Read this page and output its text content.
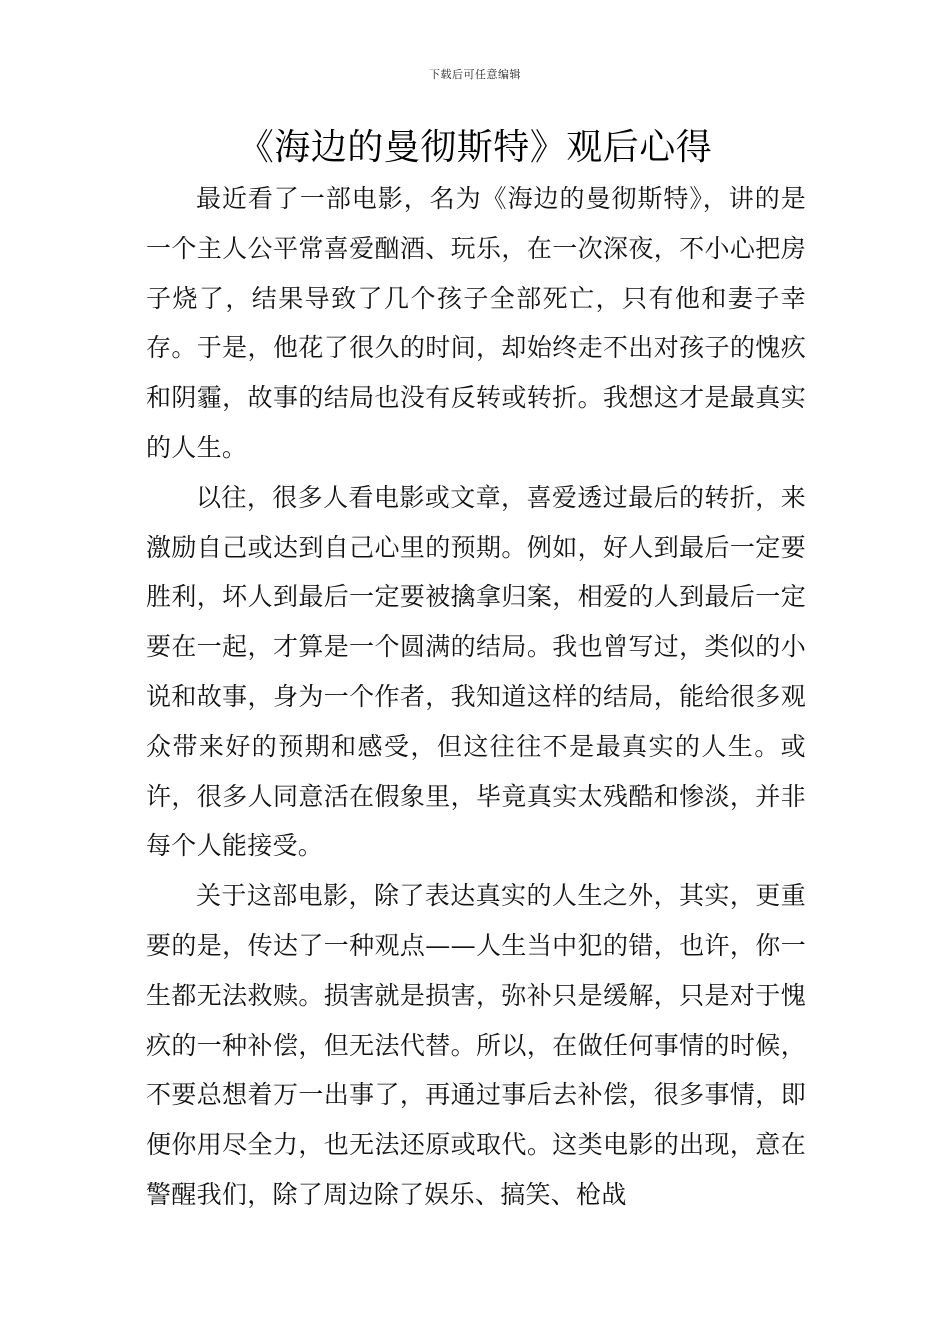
下载后可任意编辑
《海边的曼彻斯特》观后心得

最近看了一部电影，名为《海边的曼彻斯特》，讲的是一个主人公平常喜爱酗酒、玩乐，在一次深夜，不小心把房子烧了，结果导致了几个孩子全部死亡，只有他和妻子幸存。于是，他花了很久的时间，却始终走不出对孩子的愧疚和阴霾，故事的结局也没有反转或转折。我想这才是最真实的人生。

以往，很多人看电影或文章，喜爱透过最后的转折，来激励自己或达到自己心里的预期。例如，好人到最后一定要胜利，坏人到最后一定要被擒拿归案，相爱的人到最后一定要在一起，才算是一个圆满的结局。我也曾写过，类似的小说和故事，身为一个作者，我知道这样的结局，能给很多观众带来好的预期和感受，但这往往不是最真实的人生。或许，很多人同意活在假象里，毕竟真实太残酷和惨淡，并非每个人能接受。

关于这部电影，除了表达真实的人生之外，其实，更重要的是，传达了一种观点——人生当中犯的错，也许，你一生都无法救赎。损害就是损害，弥补只是缓解，只是对于愧疚的一种补偿，但无法代替。所以，在做任何事情的时候，不要总想着万一出事了，再通过事后去补偿，很多事情，即便你用尽全力，也无法还原或取代。这类电影的出现，意在警醒我们，除了周边除了娱乐、搞笑、枪战
